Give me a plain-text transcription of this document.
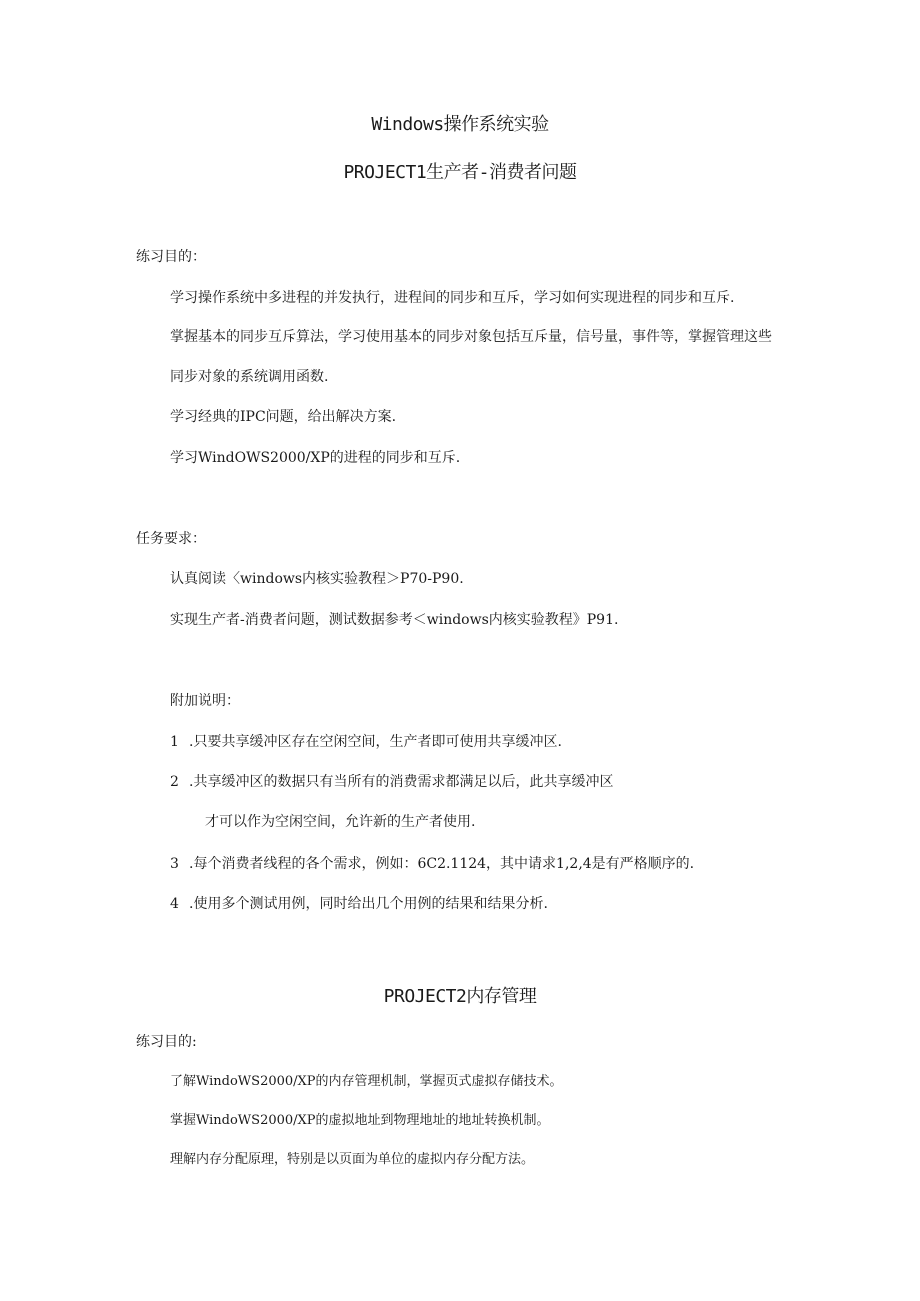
Windows操作系统实验
PROJECT1生产者-消费者问题
练习目的：
学习操作系统中多进程的并发执行，进程间的同步和互斥，学习如何实现进程的同步和互斥.
掌握基本的同步互斥算法，学习使用基本的同步对象包括互斥量，信号量，事件等，掌握管理这些
同步对象的系统调用函数.
学习经典的IPC问题，给出解决方案.
学习WindOWS2000/XP的进程的同步和互斥.
任务要求：
认真阅读〈windows内核实验教程＞P70-P90.
实现生产者-消费者问题，测试数据参考＜windows内核实验教程》P91.
附加说明：
1 .只要共享缓冲区存在空闲空间，生产者即可使用共享缓冲区.
2 .共享缓冲区的数据只有当所有的消费需求都满足以后，此共享缓冲区
才可以作为空闲空间，允许新的生产者使用.
3 .每个消费者线程的各个需求，例如：6C2.1124，其中请求1,2,4是有严格顺序的.
4 .使用多个测试用例，同时给出几个用例的结果和结果分析.
PROJECT2内存管理
练习目的:
了解WindoWS2000/XP的内存管理机制，掌握页式虚拟存储技术。
掌握WindoWS2000/XP的虚拟地址到物理地址的地址转换机制。
理解内存分配原理，特别是以页面为单位的虚拟内存分配方法。
